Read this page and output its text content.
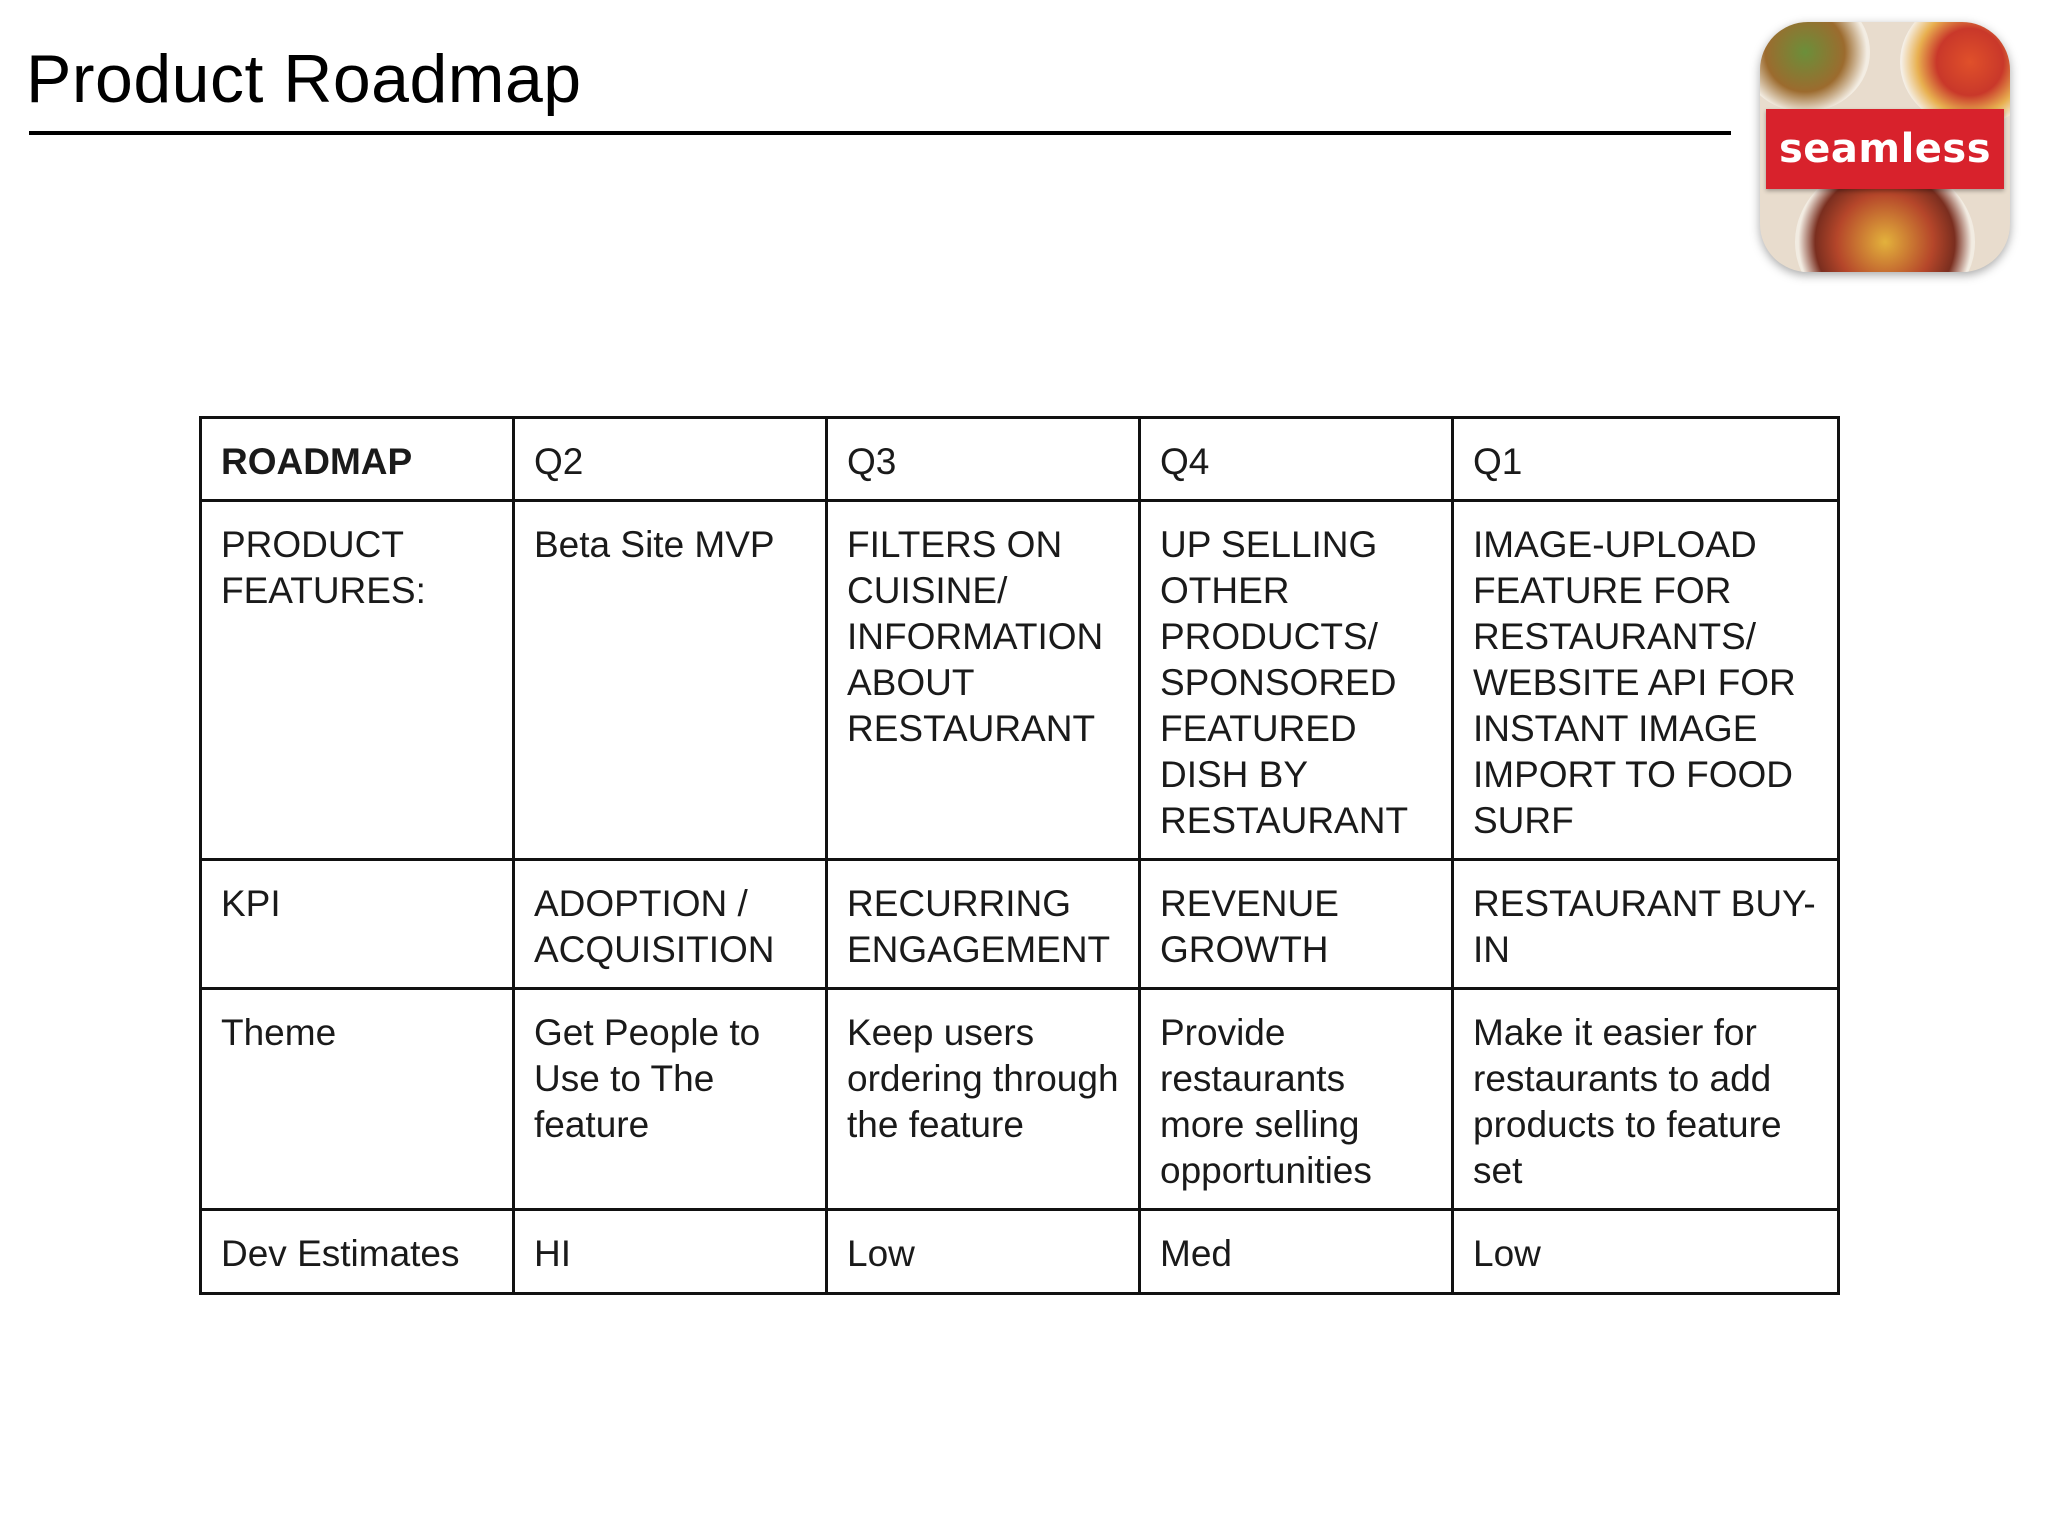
Product Roadmap
seamless
ROADMAP	Q2	Q3	Q4	Q1
PRODUCT FEATURES:	Beta Site MVP	FILTERS ON CUISINE/ INFORMATION ABOUT RESTAURANT	UP SELLING OTHER PRODUCTS/ SPONSORED FEATURED DISH BY RESTAURANT	IMAGE-UPLOAD FEATURE FOR RESTAURANTS/ WEBSITE API FOR INSTANT IMAGE IMPORT TO FOOD SURF
KPI	ADOPTION / ACQUISITION	RECURRING ENGAGEMENT	REVENUE GROWTH	RESTAURANT BUY-IN
Theme	Get People to Use to The feature	Keep users ordering through the feature	Provide restaurants more selling opportunities	Make it easier for restaurants to add products to feature set
Dev Estimates	HI	Low	Med	Low
